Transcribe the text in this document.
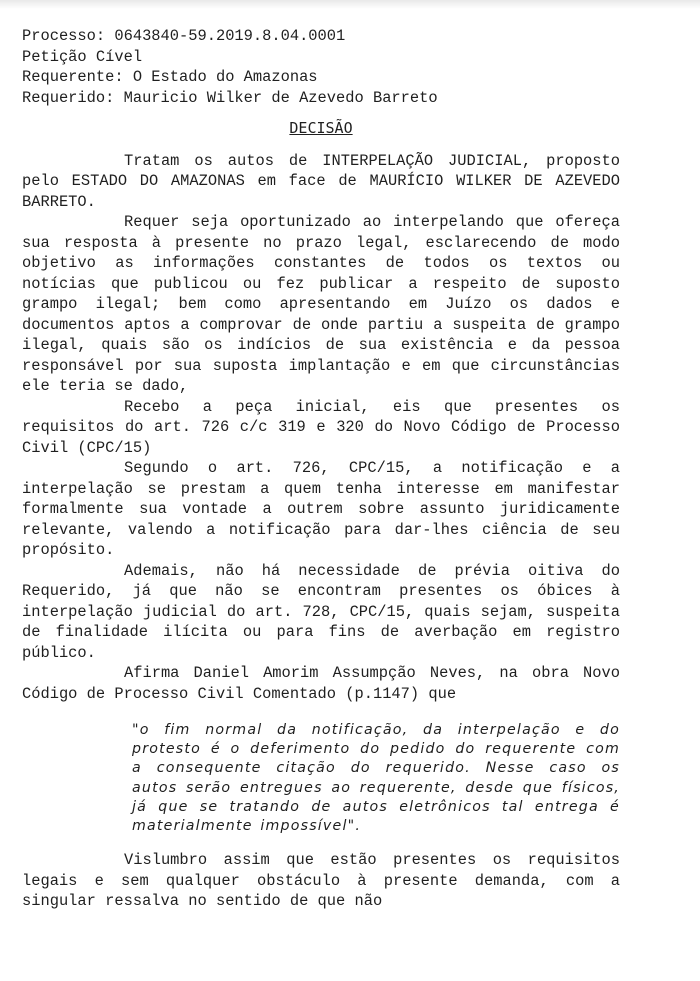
Processo: 0643840-59.2019.8.04.0001
Petição Cível
Requerente: O Estado do Amazonas
Requerido: Mauricio Wilker de Azevedo Barreto
DECISÃO

Tratam os autos de INTERPELAÇÃO JUDICIAL, proposto pelo ESTADO DO AMAZONAS em face de MAURÍCIO WILKER DE AZEVEDO BARRETO.

Requer seja oportunizado ao interpelando que ofereça sua resposta à presente no prazo legal, esclarecendo de modo objetivo as informações constantes de todos os textos ou notícias que publicou ou fez publicar a respeito de suposto grampo ilegal; bem como apresentando em Juízo os dados e documentos aptos a comprovar de onde partiu a suspeita de grampo ilegal, quais são os indícios de sua existência e da pessoa responsável por sua suposta implantação e em que circunstâncias ele teria se dado,

Recebo a peça inicial, eis que presentes os requisitos do art. 726 c/c 319 e 320 do Novo Código de Processo Civil (CPC/15)

Segundo o art. 726, CPC/15, a notificação e a interpelação se prestam a quem tenha interesse em manifestar formalmente sua vontade a outrem sobre assunto juridicamente relevante, valendo a notificação para dar-lhes ciência de seu propósito.

Ademais, não há necessidade de prévia oitiva do Requerido, já que não se encontram presentes os óbices à interpelação judicial do art. 728, CPC/15, quais sejam, suspeita de finalidade ilícita ou para fins de averbação em registro público.

Afirma Daniel Amorim Assumpção Neves, na obra Novo Código de Processo Civil Comentado (p.1147) que

"o fim normal da notificação, da interpelação e do protesto é o deferimento do pedido do requerente com a consequente citação do requerido. Nesse caso os autos serão entregues ao requerente, desde que físicos, já que se tratando de autos eletrônicos tal entrega é materialmente impossível".

Vislumbro assim que estão presentes os requisitos legais e sem qualquer obstáculo à presente demanda, com a singular ressalva no sentido de que não
